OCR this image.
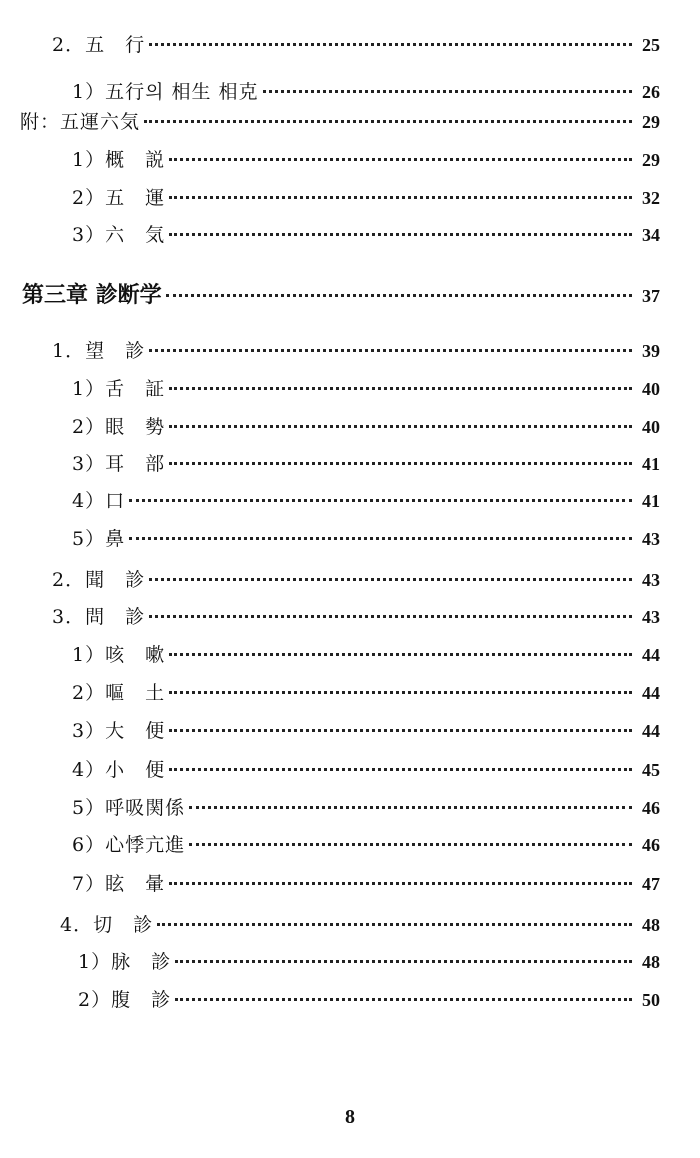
2．五　行	25
1）五行의 相生 相克	26
附：五運六気	29
1）概　説	29
2）五　運	32
3）六　気	34
第三章 診断学	37
1．望　診	39
1）舌　証	40
2）眼　勢	40
3）耳　部	41
4）口	41
5）鼻	43
2．聞　診	43
3．問　診	43
1）咳　嗽	44
2）嘔　土	44
3）大　便	44
4）小　便	45
5）呼吸関係	46
6）心悸亢進	46
7）眩　暈	47
4．切　診	48
1）脉　診	48
2）腹　診	50
8
